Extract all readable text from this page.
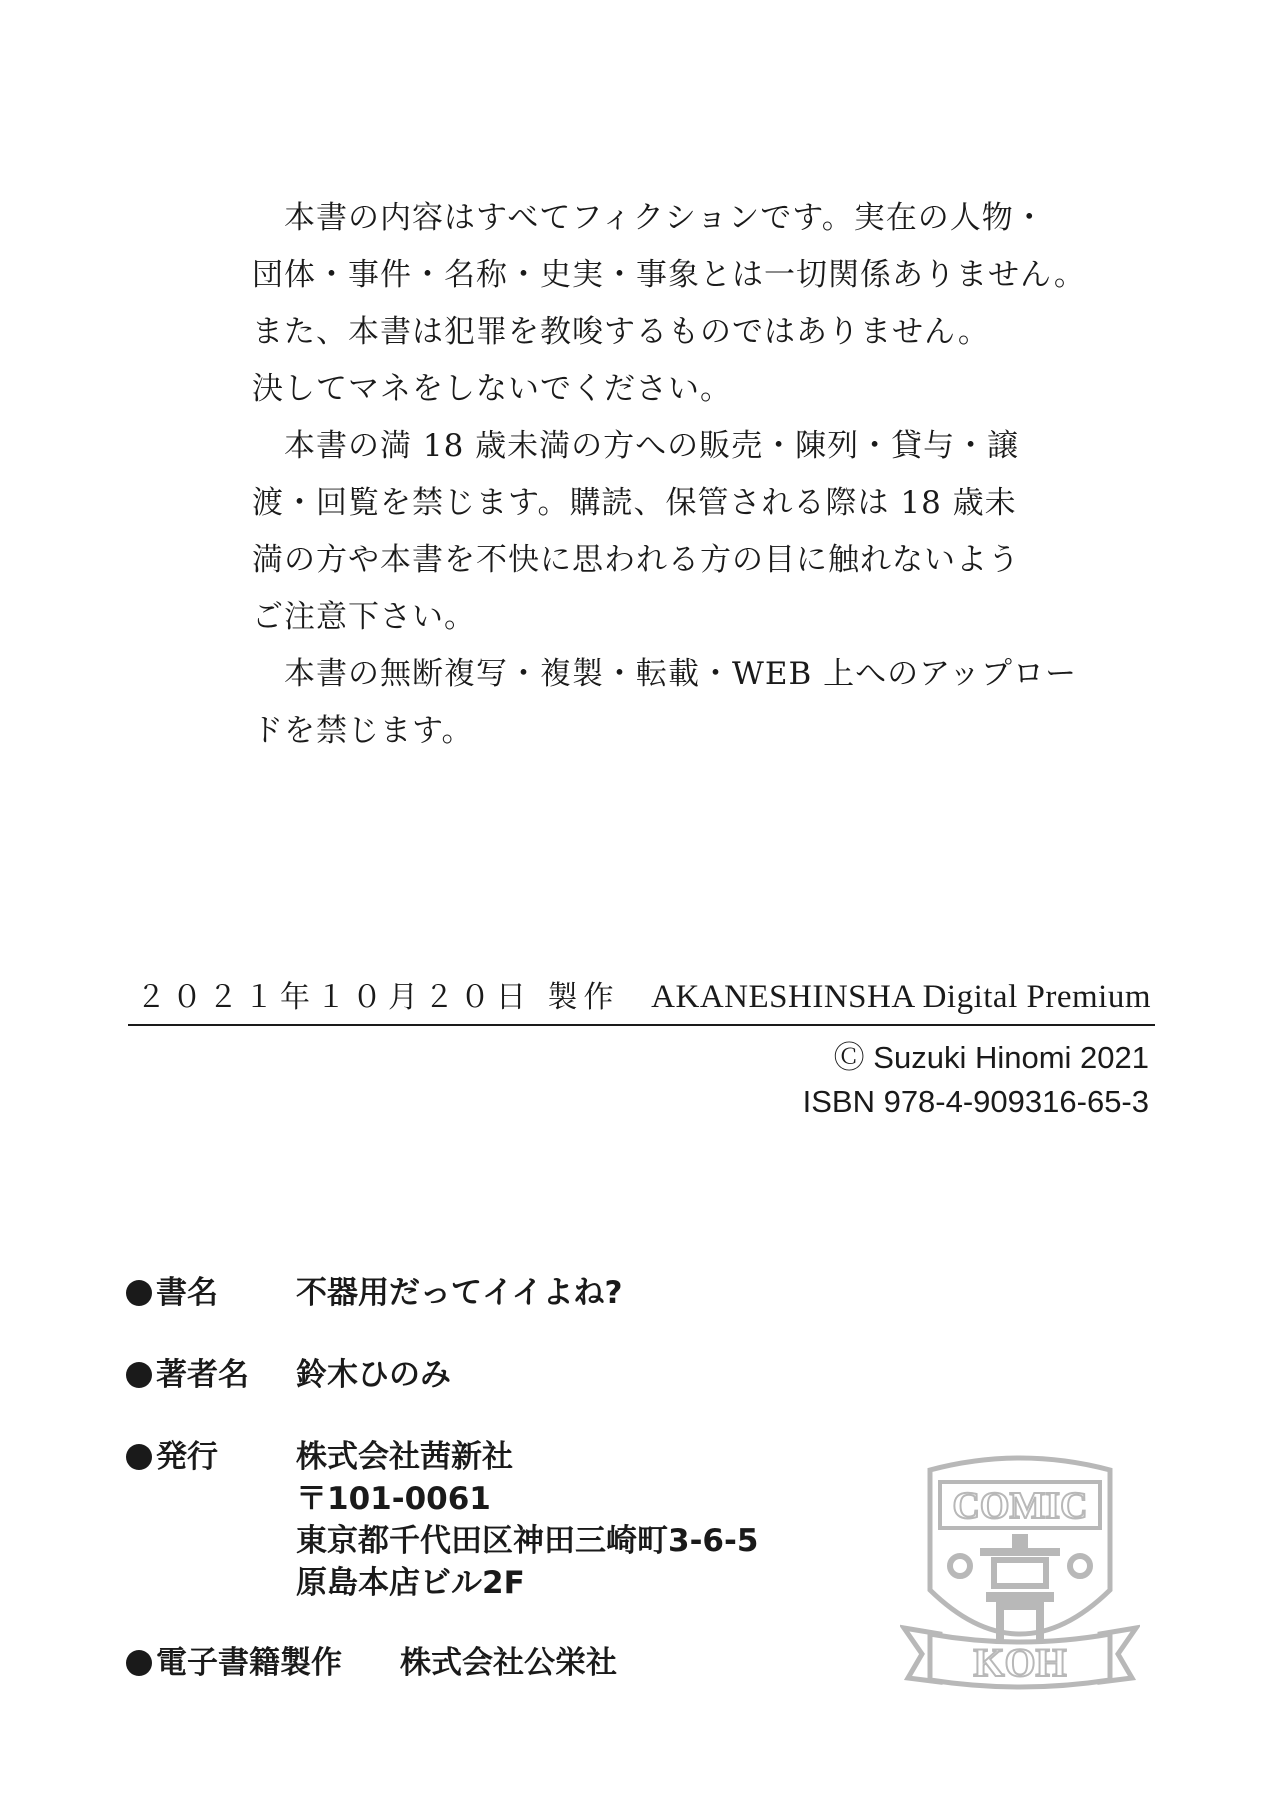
　本書の内容はすべてフィクションです。実在の人物・
団体・事件・名称・史実・事象とは一切関係ありません。
また、本書は犯罪を教唆するものではありません。
決してマネをしないでください。
　本書の満 18 歳未満の方への販売・陳列・貸与・譲
渡・回覧を禁じます。購読、保管される際は 18 歳未
満の方や本書を不快に思われる方の目に触れないよう
ご注意下さい。
　本書の無断複写・複製・転載・WEB 上へのアップロー
ドを禁じます。
２０２１年１０月２０日 製作 AKANESHINSHA Digital Premium
Ⓒ Suzuki Hinomi 2021
ISBN 978-4-909316-65-3
書名	不器用だってイイよね?
著者名	鈴木ひのみ
発行	株式会社茜新社
〒101-0061
東京都千代田区神田三崎町3-6-5
原島本店ビル2F
電子書籍製作	株式会社公栄社
COMIC
KOH
